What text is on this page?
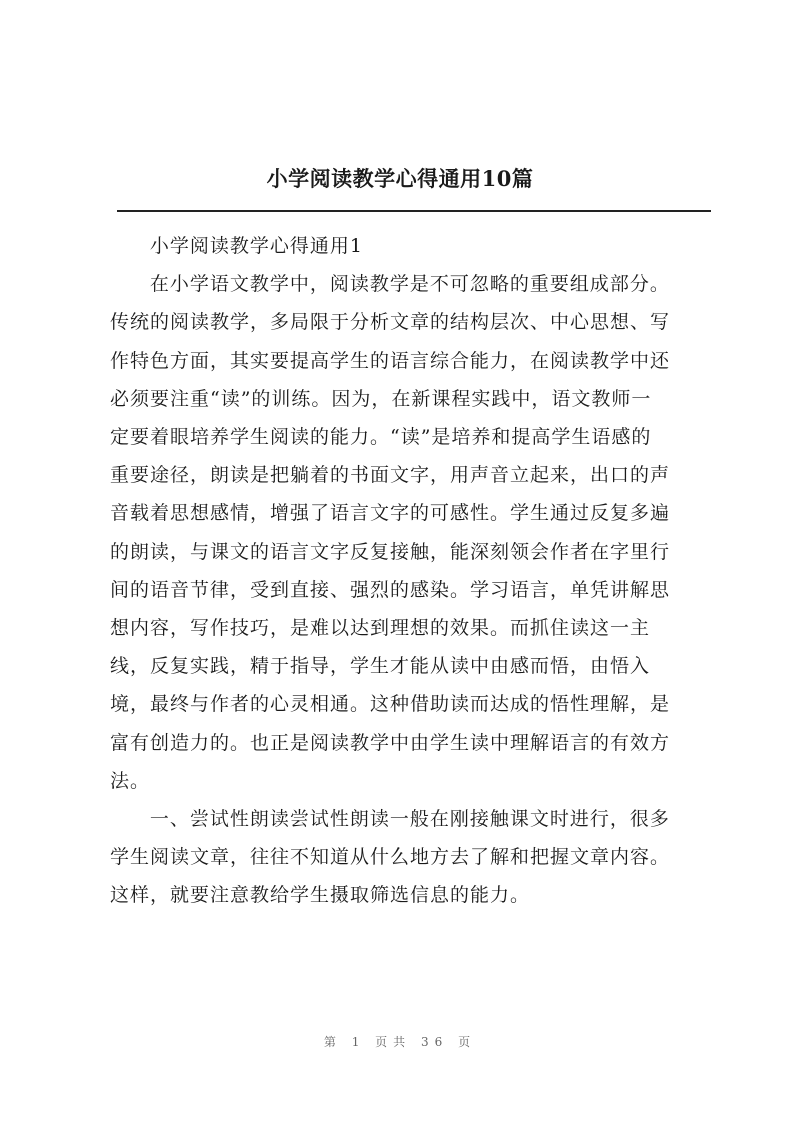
小学阅读教学心得通用10篇

小学阅读教学心得通用1

在小学语文教学中，阅读教学是不可忽略的重要组成部分。
传统的阅读教学，多局限于分析文章的结构层次、中心思想、写
作特色方面，其实要提高学生的语言综合能力，在阅读教学中还
必须要注重“读”的训练。因为，在新课程实践中，语文教师一
定要着眼培养学生阅读的能力。“读”是培养和提高学生语感的
重要途径，朗读是把躺着的书面文字，用声音立起来，出口的声
音载着思想感情，增强了语言文字的可感性。学生通过反复多遍
的朗读，与课文的语言文字反复接触，能深刻领会作者在字里行
间的语音节律，受到直接、强烈的感染。学习语言，单凭讲解思
想内容，写作技巧，是难以达到理想的效果。而抓住读这一主
线，反复实践，精于指导，学生才能从读中由感而悟，由悟入
境，最终与作者的心灵相通。这种借助读而达成的悟性理解，是
富有创造力的。也正是阅读教学中由学生读中理解语言的有效方
法。

一、尝试性朗读尝试性朗读一般在刚接触课文时进行，很多
学生阅读文章，往往不知道从什么地方去了解和把握文章内容。
这样，就要注意教给学生摄取筛选信息的能力。

第 1 页共 36 页
